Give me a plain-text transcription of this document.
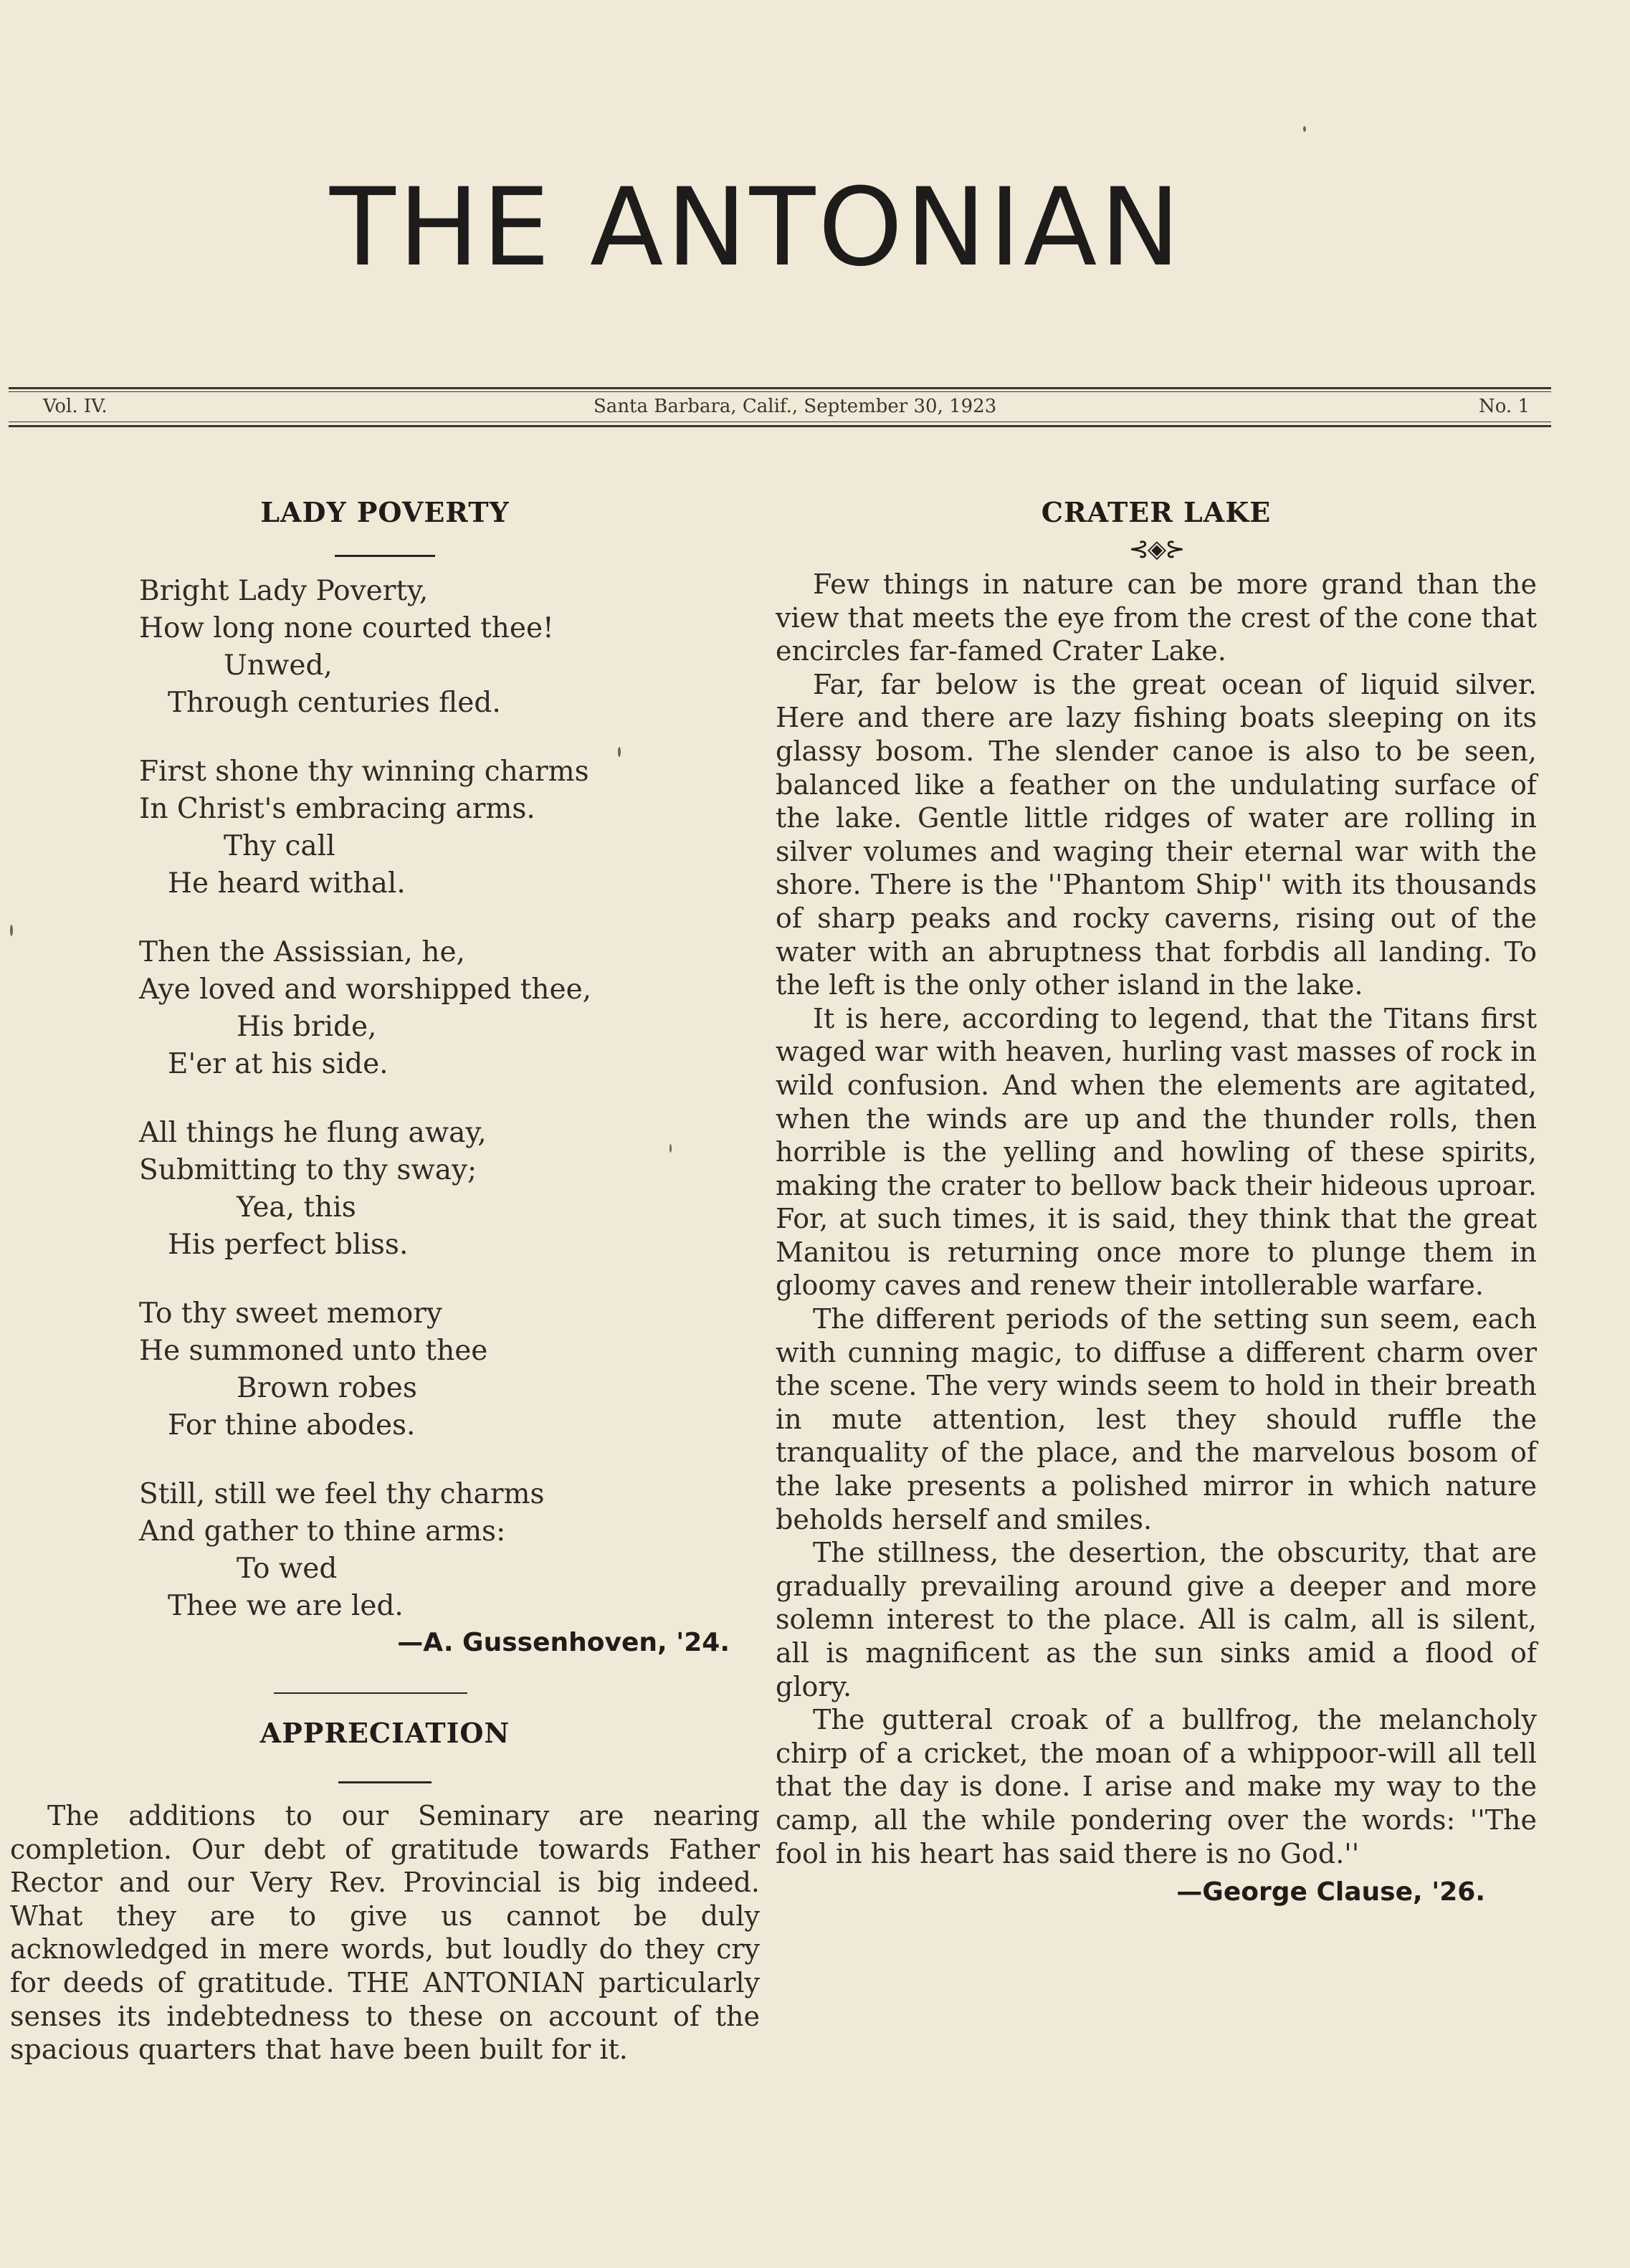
THE ANTONIAN
Vol. IV.	Santa Barbara, Calif., September 30, 1923	No. 1
LADY POVERTY
Bright Lady Poverty,
How long none courted thee!
Unwed,
Through centuries fled.
First shone thy winning charms
In Christ's embracing arms.
Thy call
He heard withal.
Then the Assissian, he,
Aye loved and worshipped thee,
His bride,
E'er at his side.
All things he flung away,
Submitting to thy sway;
Yea, this
His perfect bliss.
To thy sweet memory
He summoned unto thee
Brown robes
For thine abodes.
Still, still we feel thy charms
And gather to thine arms:
To wed
Thee we are led.
—A. Gussenhoven, '24.
APPRECIATION

The additions to our Seminary are nearing completion. Our debt of gratitude towards Father Rector and our Very Rev. Provincial is big indeed. What they are to give us cannot be duly acknowledged in mere words, but loudly do they cry for deeds of gratitude. THE ANTONIAN particularly senses its indebtedness to these on account of the spacious quarters that have been built for it.

CRATER LAKE
⊰◈⊱

Few things in nature can be more grand than the view that meets the eye from the crest of the cone that encircles far-famed Crater Lake.

Far, far below is the great ocean of liquid silver. Here and there are lazy fishing boats sleeping on its glassy bosom. The slender canoe is also to be seen, balanced like a feather on the undulating surface of the lake. Gentle little ridges of water are rolling in silver volumes and waging their eternal war with the shore. There is the ''Phantom Ship'' with its thousands of sharp peaks and rocky caverns, rising out of the water with an abruptness that forbdis all landing. To the left is the only other island in the lake.

It is here, according to legend, that the Titans first waged war with heaven, hurling vast masses of rock in wild confusion. And when the elements are agitated, when the winds are up and the thunder rolls, then horrible is the yelling and howling of these spirits, making the crater to bellow back their hideous uproar. For, at such times, it is said, they think that the great Manitou is returning once more to plunge them in gloomy caves and renew their intollerable warfare.

The different periods of the setting sun seem, each with cunning magic, to diffuse a different charm over the scene. The very winds seem to hold in their breath in mute attention, lest they should ruffle the tranquality of the place, and the marvelous bosom of the lake presents a polished mirror in which nature beholds herself and smiles.

The stillness, the desertion, the obscurity, that are gradually prevailing around give a deeper and more solemn interest to the place. All is calm, all is silent, all is magnificent as the sun sinks amid a flood of glory.

The gutteral croak of a bullfrog, the melancholy chirp of a cricket, the moan of a whippoor-will all tell that the day is done. I arise and make my way to the camp, all the while pondering over the words: ''The fool in his heart has said there is no God.''

—George Clause, '26.
